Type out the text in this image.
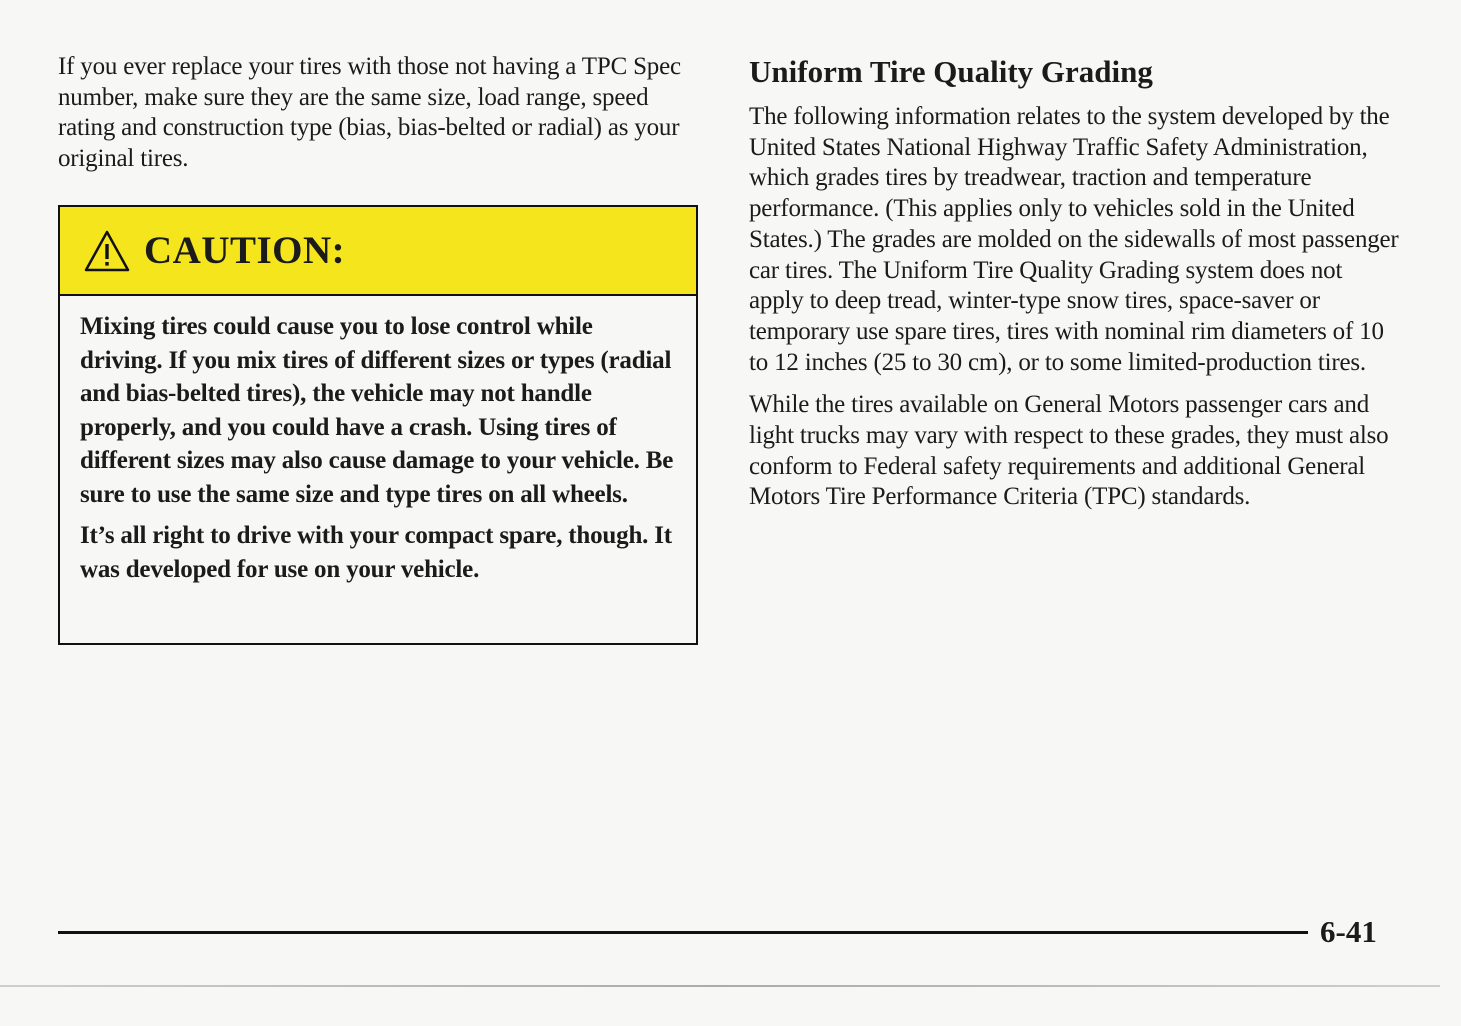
If you ever replace your tires with those not having a TPC Spec number, make sure they are the same size, load range, speed rating and construction type (bias, bias-belted or radial) as your original tires.

CAUTION:

Mixing tires could cause you to lose control while driving. If you mix tires of different sizes or types (radial and bias-belted tires), the vehicle may not handle properly, and you could have a crash. Using tires of different sizes may also cause damage to your vehicle. Be sure to use the same size and type tires on all wheels.

It’s all right to drive with your compact spare, though. It was developed for use on your vehicle.

Uniform Tire Quality Grading

The following information relates to the system developed by the United States National Highway Traffic Safety Administration, which grades tires by treadwear, traction and temperature performance. (This applies only to vehicles sold in the United States.) The grades are molded on the sidewalls of most passenger car tires. The Uniform Tire Quality Grading system does not apply to deep tread, winter-type snow tires, space-saver or temporary use spare tires, tires with nominal rim diameters of 10 to 12 inches (25 to 30 cm), or to some limited-production tires.

While the tires available on General Motors passenger cars and light trucks may vary with respect to these grades, they must also conform to Federal safety requirements and additional General Motors Tire Performance Criteria (TPC) standards.

6-41
